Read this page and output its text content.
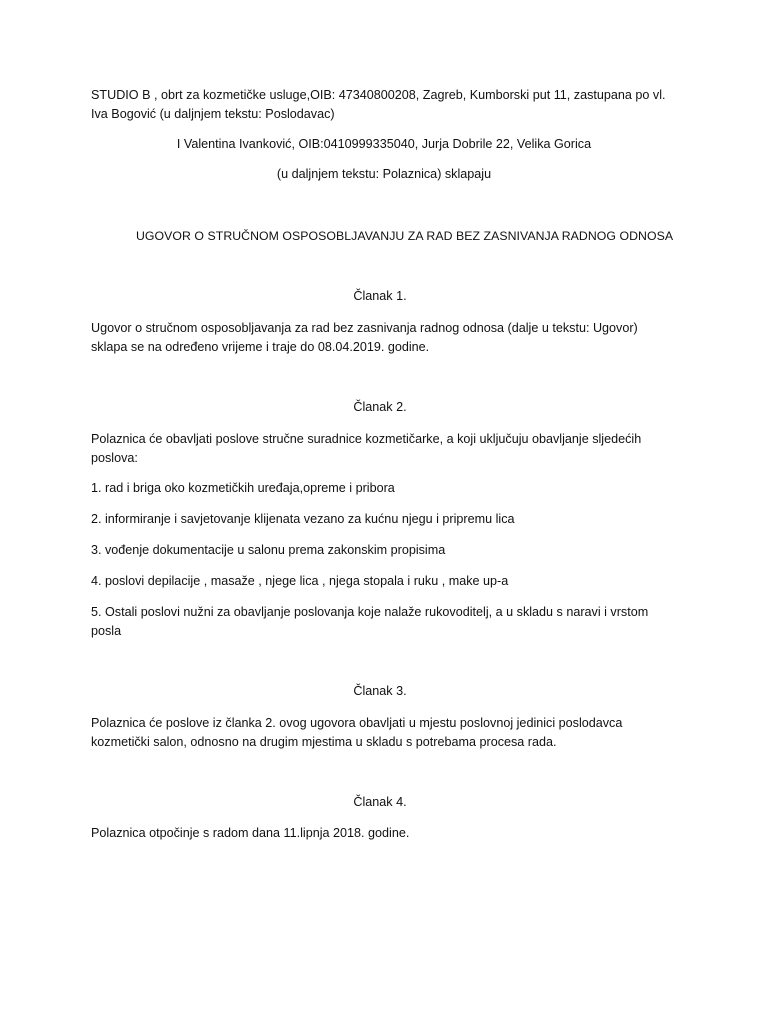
STUDIO B , obrt za kozmetičke usluge,OIB: 47340800208, Zagreb, Kumborski put 11, zastupana po vl.
Iva Bogović (u daljnjem tekstu: Poslodavac)
I Valentina Ivanković, OIB:0410999335040, Jurja Dobrile 22, Velika Gorica
(u daljnjem tekstu: Polaznica) sklapaju
UGOVOR O STRUČNOM OSPOSOBLJAVANJU ZA RAD BEZ ZASNIVANJA RADNOG ODNOSA
Članak 1.
Ugovor o stručnom osposobljavanja za rad bez zasnivanja radnog odnosa (dalje u tekstu: Ugovor)
sklapa se na određeno vrijeme i traje do 08.04.2019. godine.
Članak 2.
Polaznica će obavljati poslove stručne suradnice kozmetičarke, a koji uključuju obavljanje sljedećih
poslova:
1. rad i briga oko kozmetičkih uređaja,opreme i pribora
2. informiranje i savjetovanje klijenata vezano za kućnu njegu i pripremu lica
3. vođenje dokumentacije u salonu prema zakonskim propisima
4. poslovi depilacije , masaže , njege lica , njega stopala i ruku , make up-a
5. Ostali poslovi nužni za obavljanje poslovanja koje nalaže rukovoditelj, a u skladu s naravi i vrstom
posla
Članak 3.
Polaznica će poslove iz članka 2. ovog ugovora obavljati u mjestu poslovnoj jedinici poslodavca
kozmetički salon, odnosno na drugim mjestima u skladu s potrebama procesa rada.
Članak 4.
Polaznica otpočinje s radom dana 11.lipnja 2018. godine.
